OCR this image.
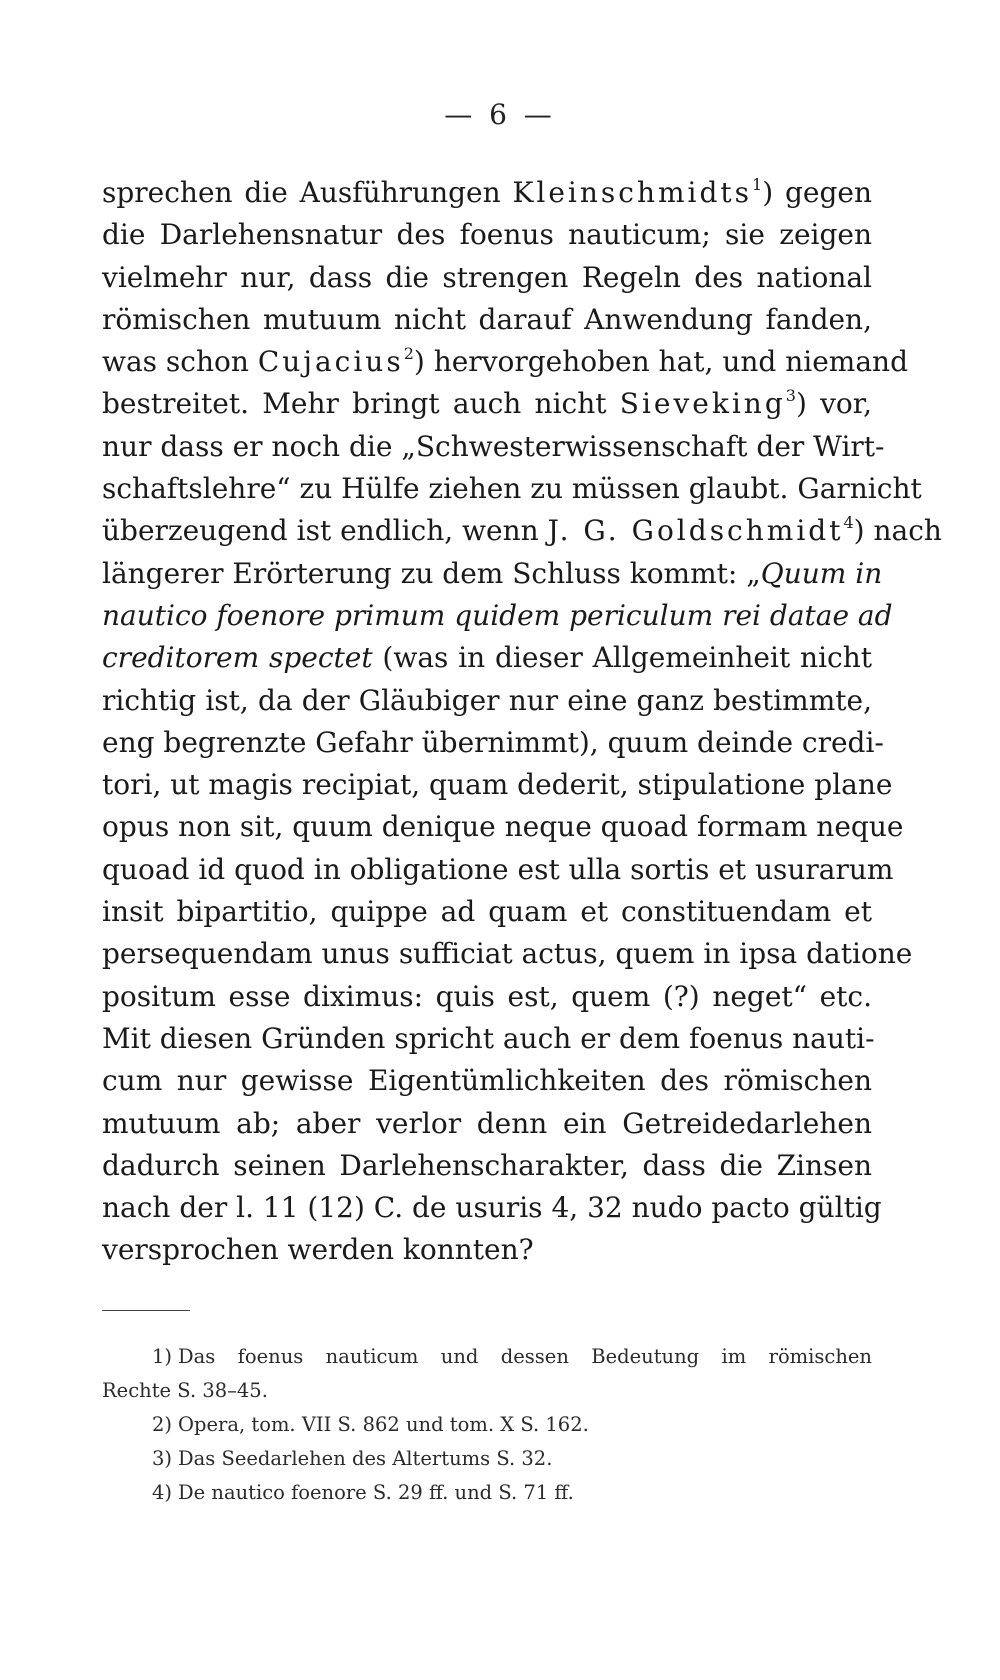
— 6 —
sprechen die Ausführungen Kleinschmidts$^1$) gegen
die Darlehensnatur des foenus nauticum; sie zeigen
vielmehr nur, dass die strengen Regeln des national
römischen mutuum nicht darauf Anwendung fanden,
was schon Cujacius$^2$) hervorgehoben hat, und niemand
bestreitet. Mehr bringt auch nicht Sieveking$^3$) vor,
nur dass er noch die „Schwesterwissenschaft der Wirt-
schaftslehre“ zu Hülfe ziehen zu müssen glaubt. Garnicht
überzeugend ist endlich, wenn J. G. Goldschmidt$^4$) nach
längerer Erörterung zu dem Schluss kommt: „Quum in
nautico foenore primum quidem periculum rei datae ad
creditorem spectet (was in dieser Allgemeinheit nicht
richtig ist, da der Gläubiger nur eine ganz bestimmte,
eng begrenzte Gefahr übernimmt), quum deinde credi-
tori, ut magis recipiat, quam dederit, stipulatione plane
opus non sit, quum denique neque quoad formam neque
quoad id quod in obligatione est ulla sortis et usurarum
insit bipartitio, quippe ad quam et constituendam et
persequendam unus sufficiat actus, quem in ipsa datione
positum esse diximus: quis est, quem (?) neget“ etc.
Mit diesen Gründen spricht auch er dem foenus nauti-
cum nur gewisse Eigentümlichkeiten des römischen
mutuum ab; aber verlor denn ein Getreidedarlehen
dadurch seinen Darlehenscharakter, dass die Zinsen
nach der l. 11 (12) C. de usuris 4, 32 nudo pacto gültig
versprochen werden konnten?
1) Das foenus nauticum und dessen Bedeutung im römischen
Rechte S. 38–45.
2) Opera, tom. VII S. 862 und tom. X S. 162.
3) Das Seedarlehen des Altertums S. 32.
4) De nautico foenore S. 29 ff. und S. 71 ff.
